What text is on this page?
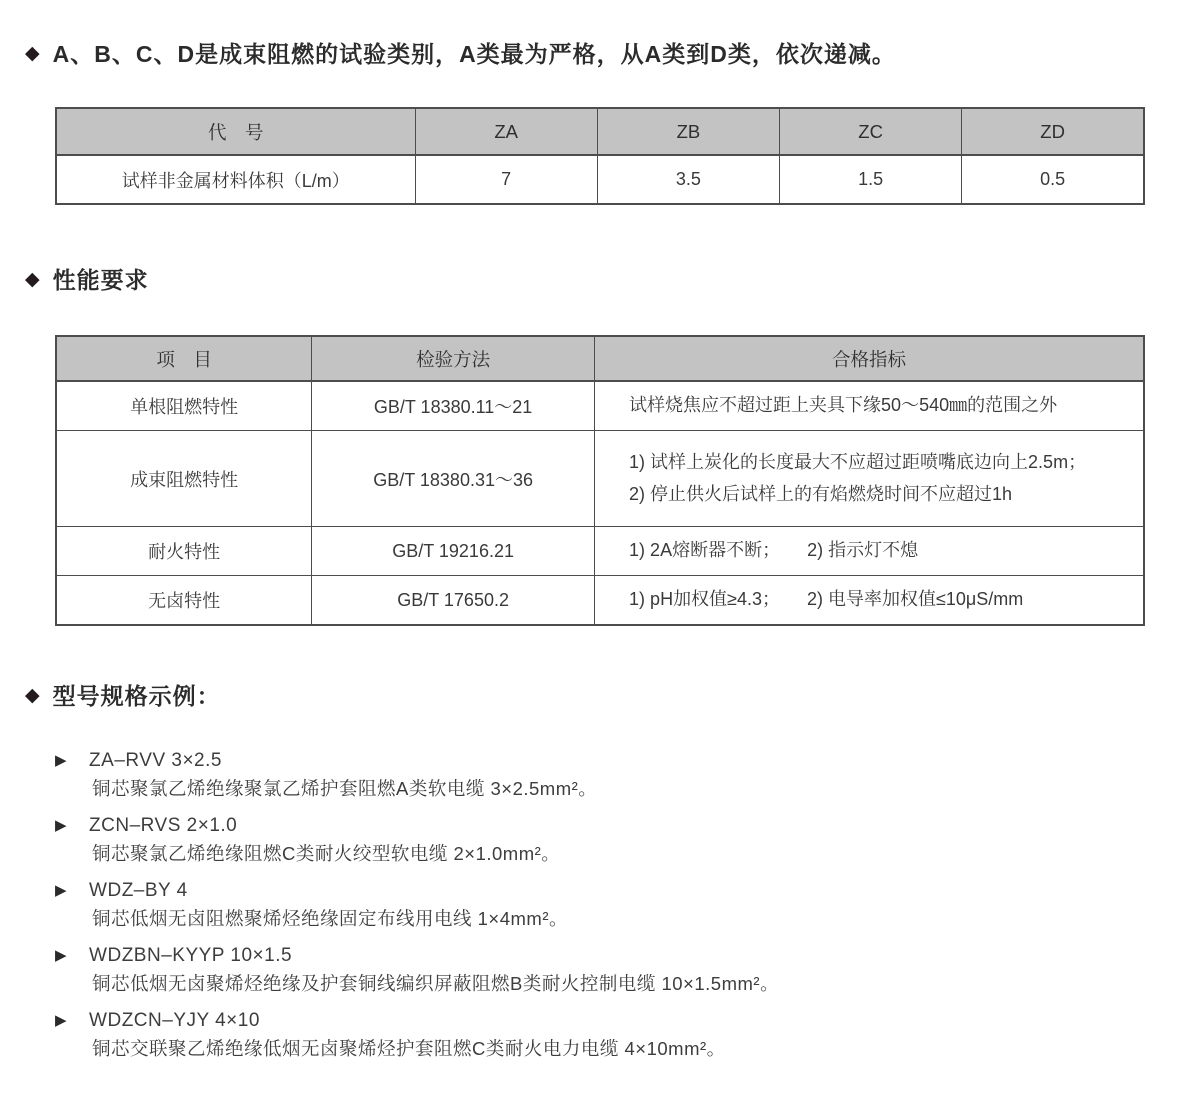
◆ A、B、C、D是成束阻燃的试验类别，A类最为严格，从A类到D类，依次递减。
代　号	ZA	ZB	ZC	ZD
试样非金属材料体积（L/m）	7	3.5	1.5	0.5
◆ 性能要求
项　目	检验方法	合格指标
单根阻燃特性	GB/T 18380.11～21	试样烧焦应不超过距上夹具下缘50～540㎜的范围之外

成束阻燃特性	GB/T 18380.31～36	1) 试样上炭化的长度最大不应超过距喷嘴底边向上2.5m；
2) 停止供火后试样上的有焰燃烧时间不应超过1h

耐火特性	GB/T 19216.21	1) 2A熔断器不断；　　2) 指示灯不熄

无卤特性	GB/T 17650.2	1) pH加权值≥4.3；　　2) 电导率加权值≤10μS/mm
◆ 型号规格示例：
▶ ZA–RVV 3×2.5
铜芯聚氯乙烯绝缘聚氯乙烯护套阻燃A类软电缆 3×2.5mm²。
▶ ZCN–RVS 2×1.0
铜芯聚氯乙烯绝缘阻燃C类耐火绞型软电缆 2×1.0mm²。
▶ WDZ–BY 4
铜芯低烟无卤阻燃聚烯烃绝缘固定布线用电线 1×4mm²。
▶ WDZBN–KYYP 10×1.5
铜芯低烟无卤聚烯烃绝缘及护套铜线编织屏蔽阻燃B类耐火控制电缆 10×1.5mm²。
▶ WDZCN–YJY 4×10
铜芯交联聚乙烯绝缘低烟无卤聚烯烃护套阻燃C类耐火电力电缆 4×10mm²。
